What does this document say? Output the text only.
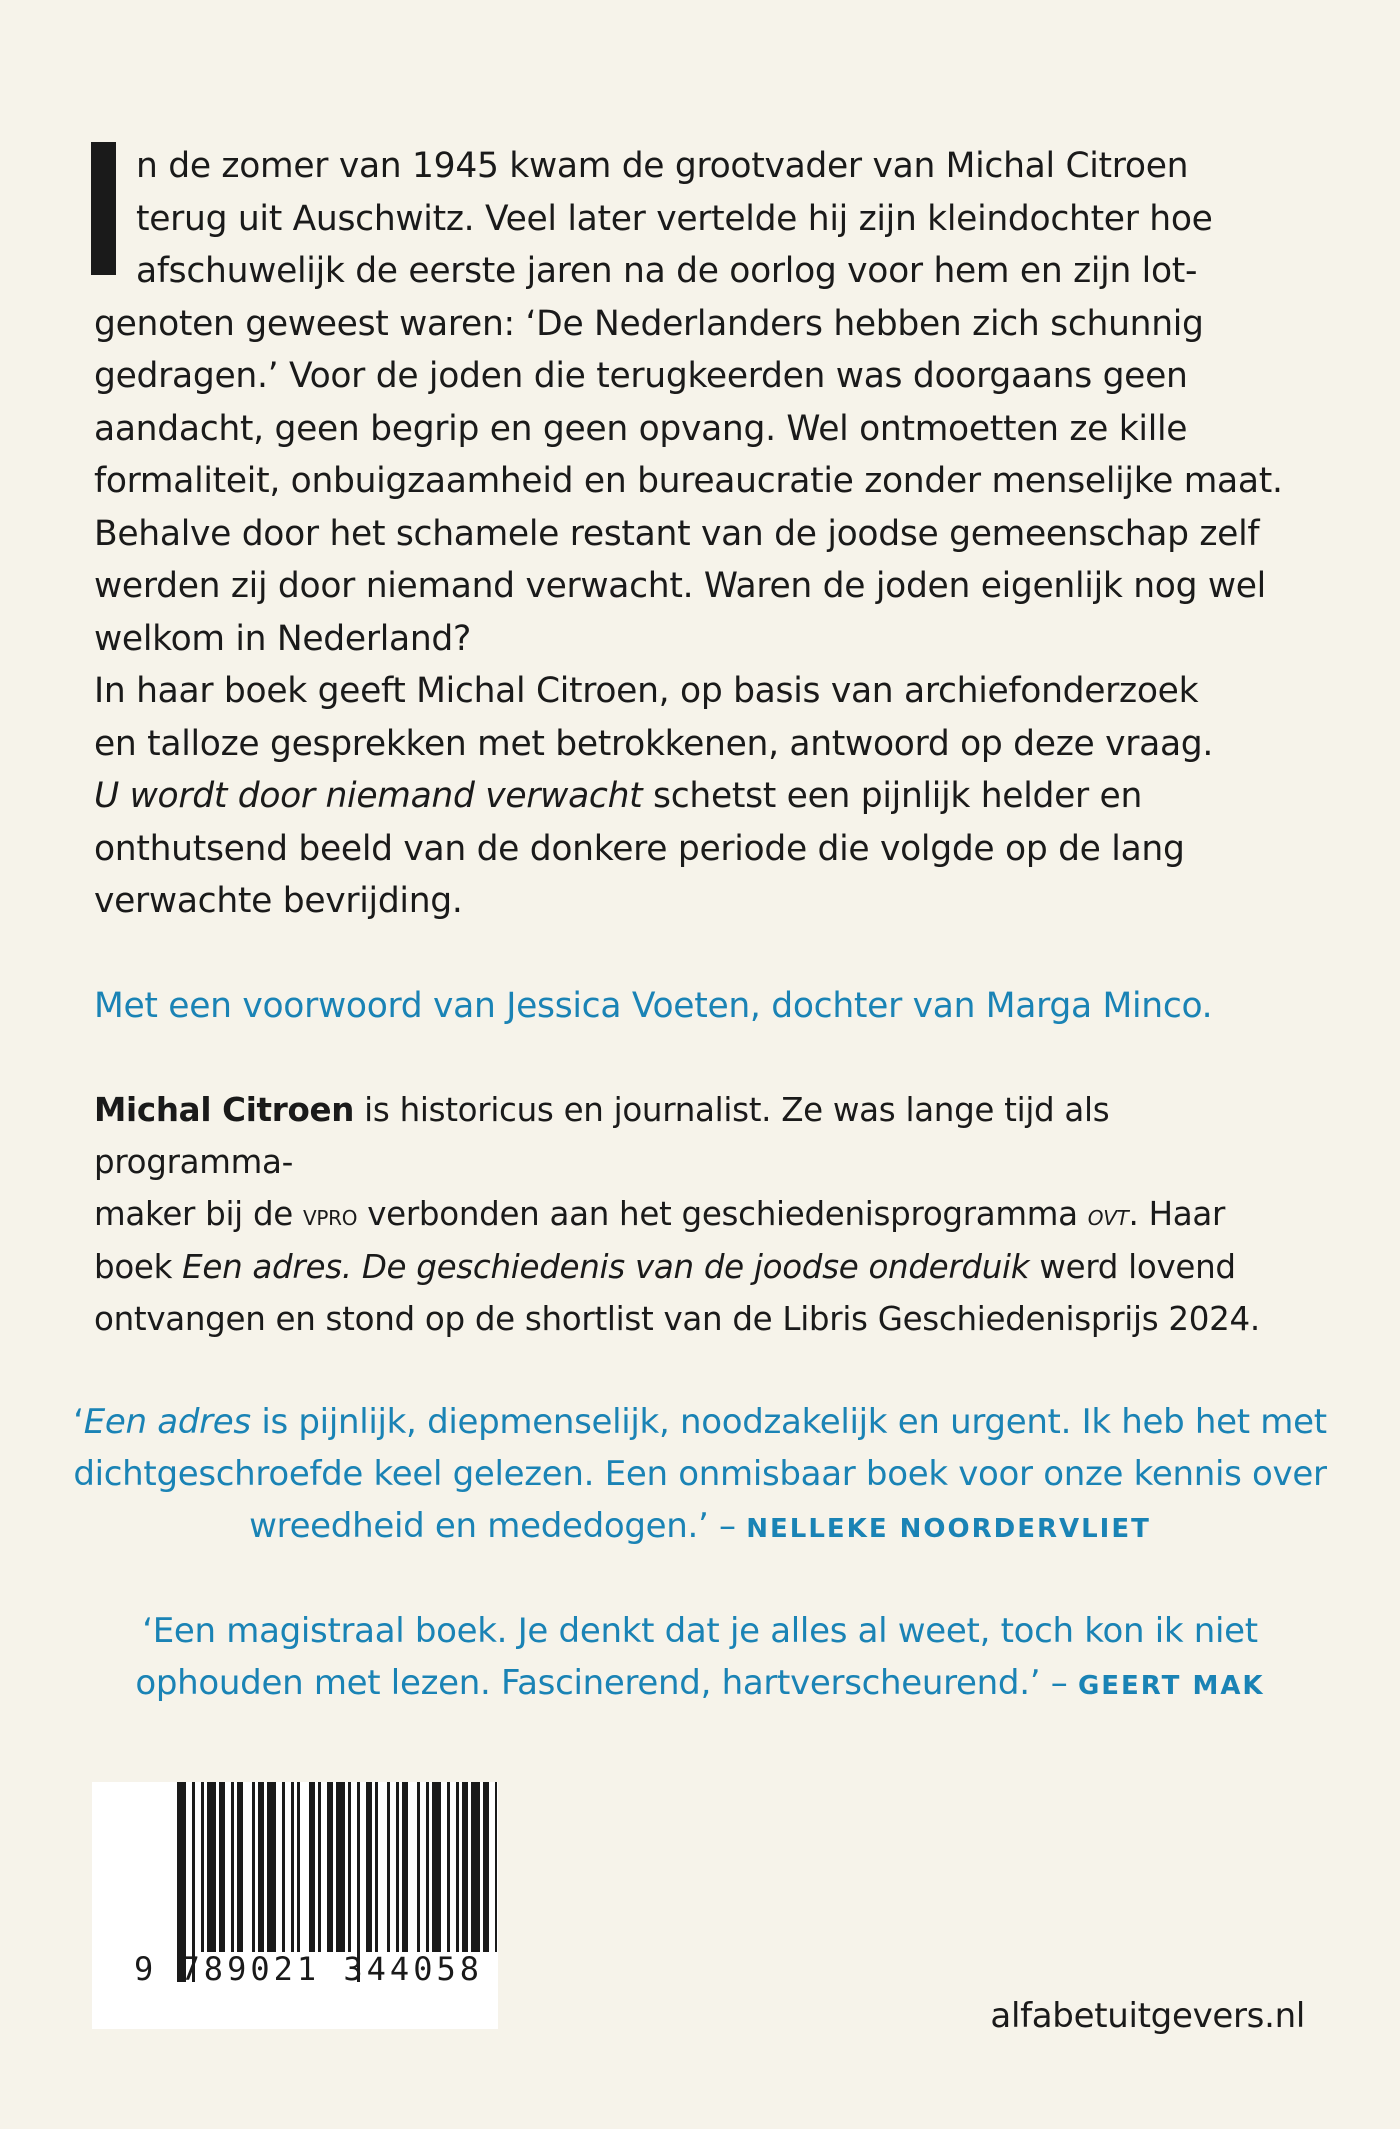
n de zomer van 1945 kwam de grootvader van Michal Citroen

terug uit Auschwitz. Veel later vertelde hij zijn kleindochter hoe
afschuwelijk de eerste jaren na de oorlog voor hem en zijn lot-
genoten geweest waren: ‘De Nederlanders hebben zich schunnig
gedragen.’ Voor de joden die terugkeerden was doorgaans geen
aandacht, geen begrip en geen opvang. Wel ontmoetten ze kille
formaliteit, onbuigzaamheid en bureaucratie zonder menselijke maat.
Behalve door het schamele restant van de joodse gemeenschap zelf
werden zij door niemand verwacht. Waren de joden eigenlijk nog wel
welkom in Nederland?

In haar boek geeft Michal Citroen, op basis van archiefonderzoek
en talloze gesprekken met betrokkenen, antwoord op deze vraag.
U wordt door niemand verwacht schetst een pijnlijk helder en
onthutsend beeld van de donkere periode die volgde op de lang
verwachte bevrijding.

Met een voorwoord van Jessica Voeten, dochter van Marga Minco.

Michal Citroen is historicus en journalist. Ze was lange tijd als programma-
maker bij de vpro verbonden aan het geschiedenisprogramma ovt. Haar
boek Een adres. De geschiedenis van de joodse onderduik werd lovend
ontvangen en stond op de shortlist van de Libris Geschiedenisprijs 2024.

‘Een adres is pijnlijk, diepmenselijk, noodzakelijk en urgent. Ik heb het met
dichtgeschroefde keel gelezen. Een onmisbaar boek voor onze kennis over
wreedheid en mededogen.’ – NELLEKE NOORDERVLIET
‘Een magistraal boek. Je denkt dat je alles al weet, toch kon ik niet
ophouden met lezen. Fascinerend, hartverscheurend.’ – GEERT MAK
9 789021 344058
alfabetuitgevers.nl
